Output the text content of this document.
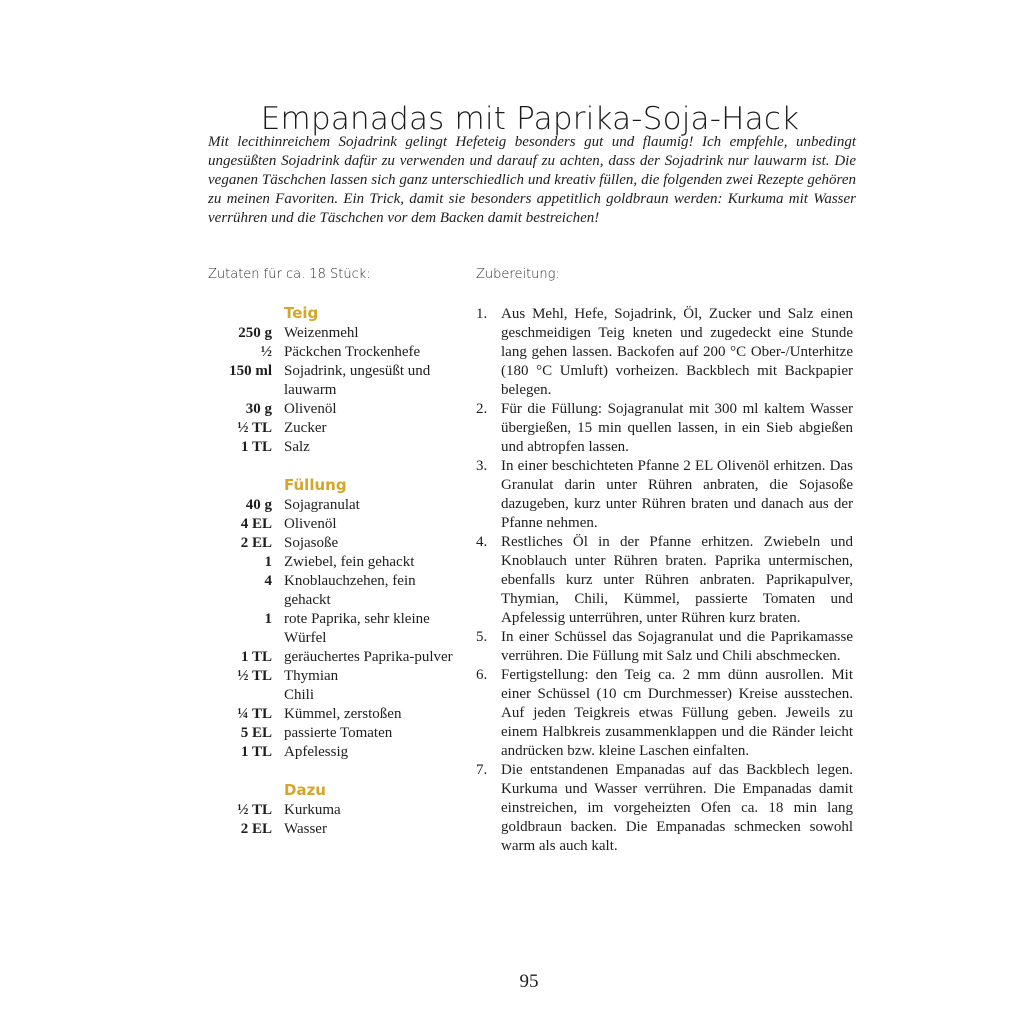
Empanadas mit Paprika-Soja-Hack

Mit lecithinreichem Sojadrink gelingt Hefeteig besonders gut und flaumig! Ich empfehle, unbedingt ungesüßten Sojadrink dafür zu verwenden und darauf zu achten, dass der Sojadrink nur lauwarm ist. Die veganen Täschchen lassen sich ganz unterschiedlich und kreativ füllen, die folgenden zwei Rezepte gehören zu meinen Favoriten. Ein Trick, damit sie besonders appetitlich goldbraun werden: Kurkuma mit Wasser verrühren und die Täschchen vor dem Backen damit bestreichen!

Zutaten für ca. 18 Stück:	Zubereitung:
Teig
250 g Weizenmehl
½ Päckchen Trockenhefe
150 ml Sojadrink, ungesüßt und lauwarm
30 g Olivenöl
½ TL Zucker
1 TL Salz
Füllung
40 g Sojagranulat
4 EL Olivenöl
2 EL Sojasoße
1 Zwiebel, fein gehackt
4 Knoblauchzehen, fein gehackt
1 rote Paprika, sehr kleine Würfel
1 TL geräuchertes Paprika-pulver
½ TL Thymian
Chili
¼ TL Kümmel, zerstoßen
5 EL passierte Tomaten
1 TL Apfelessig
Dazu
½ TL Kurkuma
2 EL Wasser
1. Aus Mehl, Hefe, Sojadrink, Öl, Zucker und Salz einen geschmeidigen Teig kneten und zugedeckt eine Stunde lang gehen lassen. Backofen auf 200 °C Ober-/Unterhitze (180 °C Umluft) vorheizen. Backblech mit Backpapier belegen.
2. Für die Füllung: Sojagranulat mit 300 ml kaltem Wasser übergießen, 15 min quellen lassen, in ein Sieb abgießen und abtropfen lassen.
3. In einer beschichteten Pfanne 2 EL Olivenöl erhitzen. Das Granulat darin unter Rühren anbraten, die Sojasoße dazugeben, kurz unter Rühren braten und danach aus der Pfanne nehmen.
4. Restliches Öl in der Pfanne erhitzen. Zwiebeln und Knoblauch unter Rühren braten. Paprika untermischen, ebenfalls kurz unter Rühren anbraten. Paprikapulver, Thymian, Chili, Kümmel, passierte Tomaten und Apfelessig unterrühren, unter Rühren kurz braten.
5. In einer Schüssel das Sojagranulat und die Paprikamasse verrühren. Die Füllung mit Salz und Chili abschmecken.
6. Fertigstellung: den Teig ca. 2 mm dünn ausrollen. Mit einer Schüssel (10 cm Durchmesser) Kreise ausstechen. Auf jeden Teigkreis etwas Füllung geben. Jeweils zu einem Halbkreis zusammenklappen und die Ränder leicht andrücken bzw. kleine Laschen einfalten.
7. Die entstandenen Empanadas auf das Backblech legen. Kurkuma und Wasser verrühren. Die Empanadas damit einstreichen, im vorgeheizten Ofen ca. 18 min lang goldbraun backen. Die Empanadas schmecken sowohl warm als auch kalt.
95
